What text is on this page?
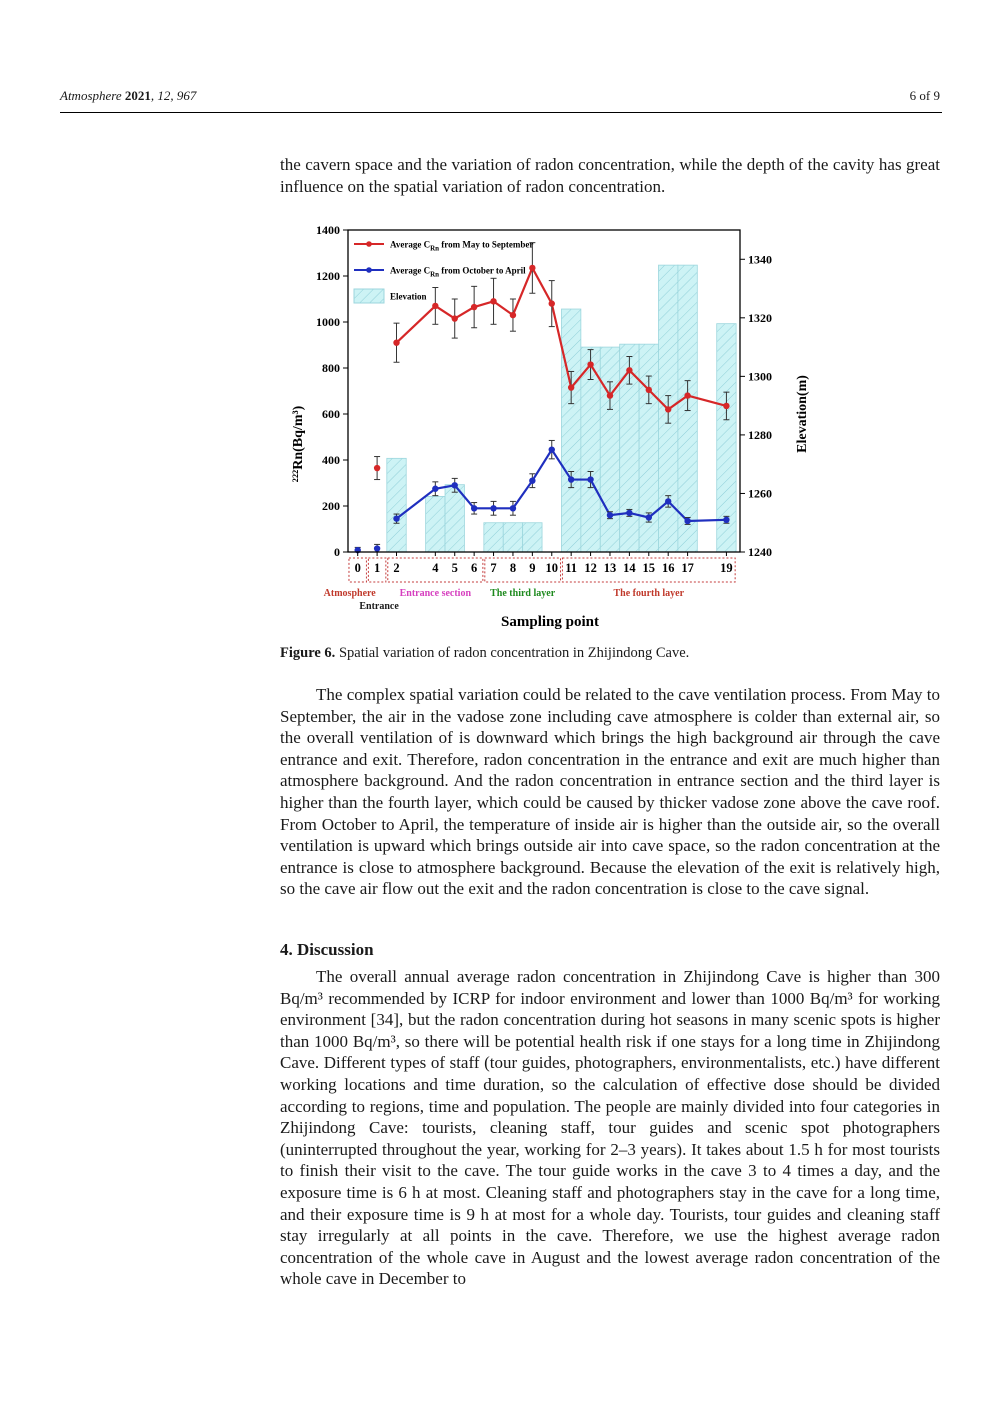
Atmosphere 2021, 12, 967	6 of 9
the cavern space and the variation of radon concentration, while the depth of the cavity has great influence on the spatial variation of radon concentration.
0
200
400
600
800
1000
1200
1400
1240
1260
1280
1300
1320
1340
0 1 2	4 5 6 7 8 9 10 11 12 13 14 15 16 17 19
Average $C_{Rn}$ from May to September
Average $C_{Rn}$ from October to April
Elevation
Atmosphere
Entrance
Entrance section The third layer	The fourth layer
Sampling point
²²²Rn(Bq/m³)	Elevation(m)
Figure 6. Spatial variation of radon concentration in Zhijindong Cave.
The complex spatial variation could be related to the cave ventilation process. From May to September, the air in the vadose zone including cave atmosphere is colder than external air, so the overall ventilation of is downward which brings the high background air through the cave entrance and exit. Therefore, radon concentration in the entrance and exit are much higher than atmosphere background. And the radon concentration in entrance section and the third layer is higher than the fourth layer, which could be caused by thicker vadose zone above the cave roof. From October to April, the temperature of inside air is higher than the outside air, so the overall ventilation is upward which brings outside air into cave space, so the radon concentration at the entrance is close to atmosphere background. Because the elevation of the exit is relatively high, so the cave air flow out the exit and the radon concentration is close to the cave signal.
4. Discussion
The overall annual average radon concentration in Zhijindong Cave is higher than 300 Bq/m³ recommended by ICRP for indoor environment and lower than 1000 Bq/m³ for working environment [34], but the radon concentration during hot seasons in many scenic spots is higher than 1000 Bq/m³, so there will be potential health risk if one stays for a long time in Zhijindong Cave. Different types of staff (tour guides, photographers, environmentalists, etc.) have different working locations and time duration, so the calculation of effective dose should be divided according to regions, time and population. The people are mainly divided into four categories in Zhijindong Cave: tourists, cleaning staff, tour guides and scenic spot photographers (uninterrupted throughout the year, working for 2–3 years). It takes about 1.5 h for most tourists to finish their visit to the cave. The tour guide works in the cave 3 to 4 times a day, and the exposure time is 6 h at most. Cleaning staff and photographers stay in the cave for a long time, and their exposure time is 9 h at most for a whole day. Tourists, tour guides and cleaning staff stay irregularly at all points in the cave. Therefore, we use the highest average radon concentration of the whole cave in August and the lowest average radon concentration of the whole cave in December to
